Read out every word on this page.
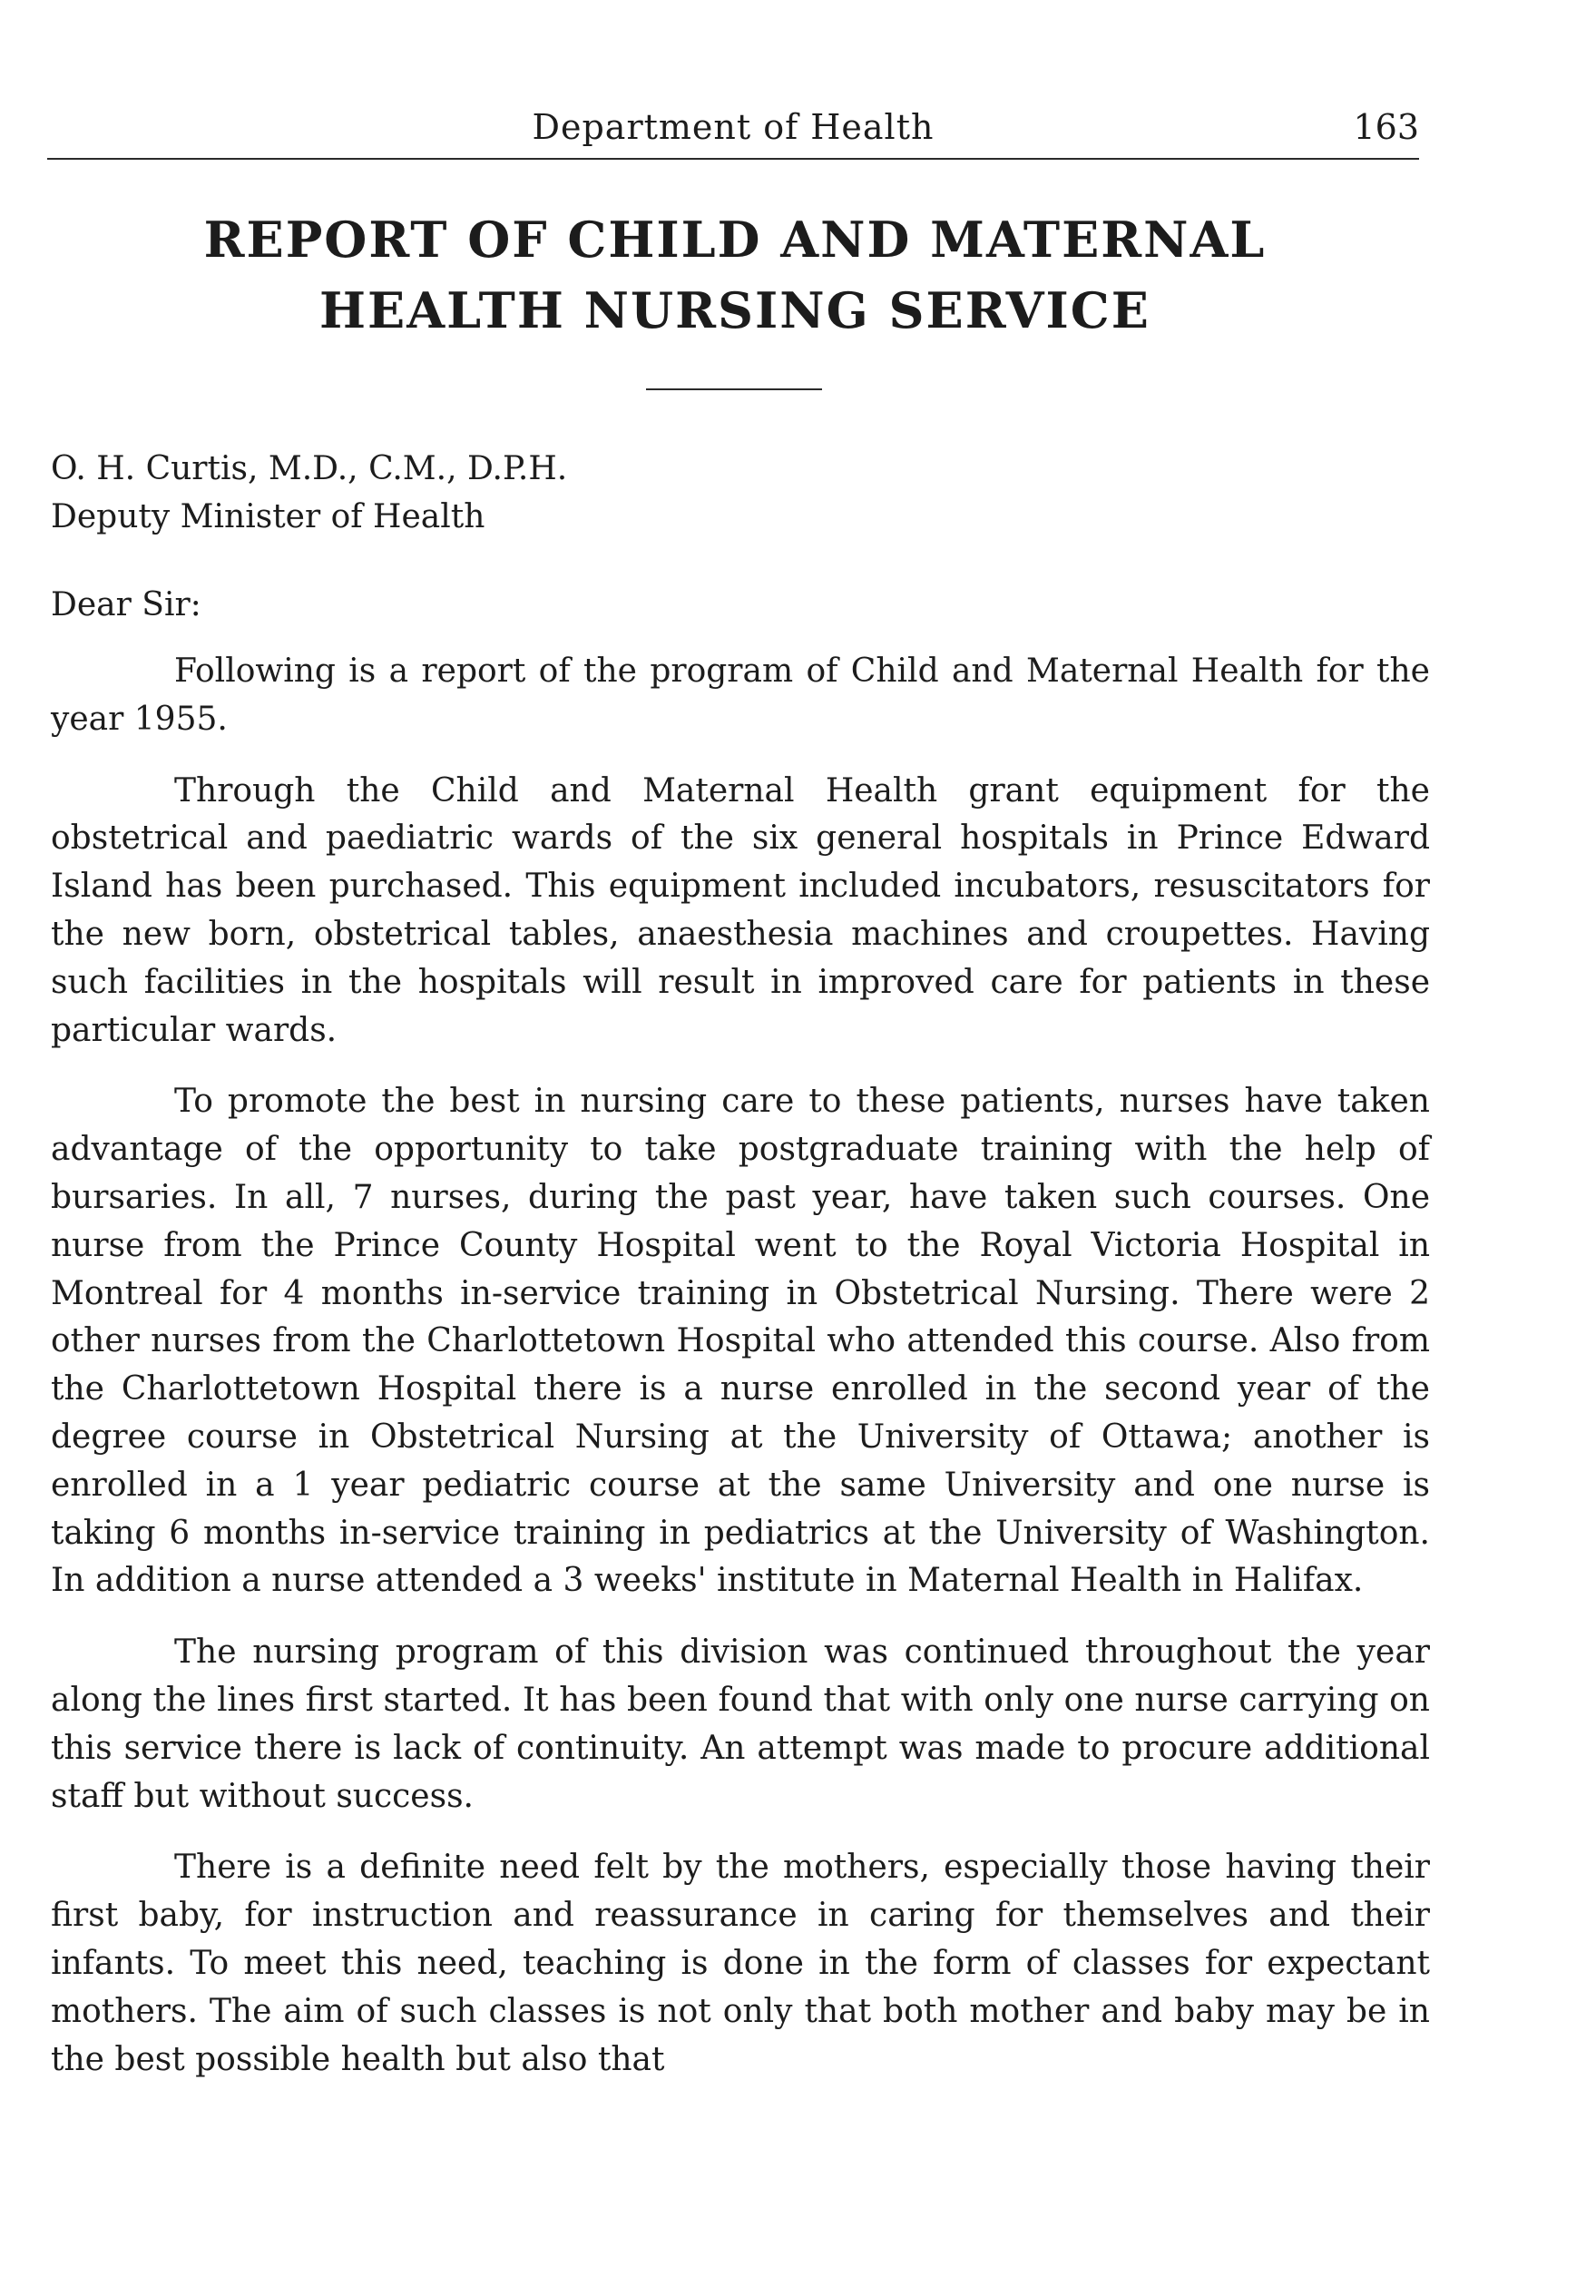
Department of Health	163
REPORT OF CHILD AND MATERNAL
HEALTH NURSING SERVICE
O. H. Curtis, M.D., C.M., D.P.H.
Deputy Minister of Health
Dear Sir:

Following is a report of the program of Child and Maternal Health for the year 1955.

Through the Child and Maternal Health grant equipment for the obstetrical and paediatric wards of the six general hospitals in Prince Edward Island has been purchased. This equipment included incubators, resuscitators for the new born, obstetrical tables, anaesthesia machines and croupettes. Having such facilities in the hospitals will result in improved care for patients in these particular wards.

To promote the best in nursing care to these patients, nurses have taken advantage of the opportunity to take postgraduate training with the help of bursaries. In all, 7 nurses, during the past year, have taken such courses. One nurse from the Prince County Hospital went to the Royal Victoria Hospital in Montreal for 4 months in-service training in Obstetrical Nursing. There were 2 other nurses from the Charlottetown Hospital who attended this course. Also from the Charlottetown Hospital there is a nurse enrolled in the second year of the degree course in Obstetrical Nursing at the University of Ottawa; another is enrolled in a 1 year pediatric course at the same University and one nurse is taking 6 months in-service training in pediatrics at the University of Washington. In addition a nurse attended a 3 weeks' institute in Maternal Health in Halifax.

The nursing program of this division was continued throughout the year along the lines first started. It has been found that with only one nurse carrying on this service there is lack of continuity. An attempt was made to procure additional staff but without success.

There is a definite need felt by the mothers, especially those having their first baby, for instruction and reassurance in caring for themselves and their infants. To meet this need, teaching is done in the form of classes for expectant mothers. The aim of such classes is not only that both mother and baby may be in the best possible health but also that
